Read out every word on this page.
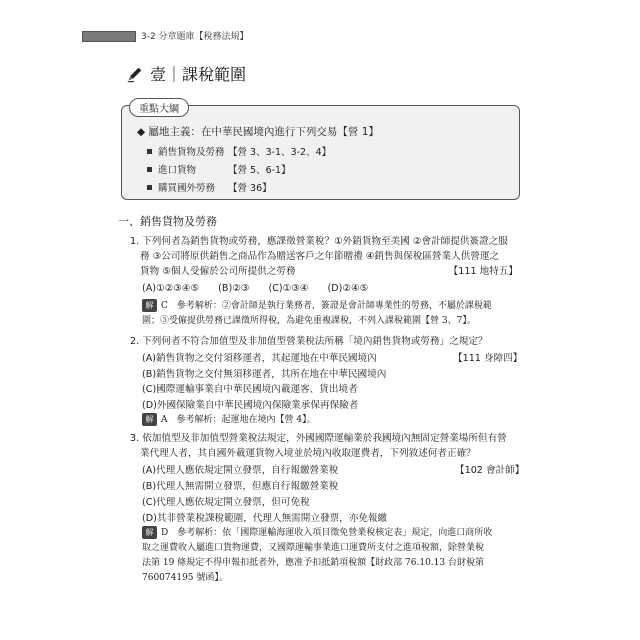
3-2 分章題庫【稅務法規】
壹｜課稅範圍
重點大綱
◆ 屬地主義：在中華民國境內進行下列交易【營 1】
銷售貨物及勞務 【營 3、3-1、3-2、4】
進口貨物	【營 5、6-1】
購買國外勞務 【營 36】
一、銷售貨物及勞務
1. 下列何者為銷售貨物或勞務，應課徵營業稅？①外銷貨物至美國 ②會計師提供簽證之服
務 ③公司將原供銷售之商品作為贈送客戶之年節贈禮 ④銷售與保稅區營業人供營運之
貨物 ⑤個人受僱於公司所提供之勞務	【111 地特五】
(A)①②③④⑤ (B)②③ (C)①③④ (D)②④⑤
解 C　 參考解析：②會計師是執行業務者，簽證是會計師專業性的勞務，不屬於課稅範
圍；⑤受僱提供勞務已課徵所得稅，為避免重複課稅，不列入課稅範圍【營 3、7】。
2. 下列何者不符合加值型及非加值型營業稅法所稱「境內銷售貨物或勞務」之規定？
(A)銷售貨物之交付須移運者，其起運地在中華民國境內	【111 身障四】
(B)銷售貨物之交付無須移運者，其所在地在中華民國境內
(C)國際運輸事業自中華民國境內載運客、貨出境者
(D)外國保險業自中華民國境內保險業承保再保險者
解 A　 參考解析：起運地在境內【營 4】。
3. 依加值型及非加值型營業稅法規定，外國國際運輸業於我國境內無固定營業場所但有營
業代理人者，其自國外載運貨物入境並於境內收取運費者，下列敘述何者正確？
(A)代理人應依規定開立發票，自行報繳營業稅	【102 會計師】
(B)代理人無需開立發票，但應自行報繳營業稅
(C)代理人應依規定開立發票，但可免稅
(D)其非營業稅課稅範圍，代理人無需開立發票，亦免報繳
解 D　 參考解析：依「國際運輸海運收入項目徵免營業稅核定表」規定，向進口商所收
取之運費收入屬進口貨物運費，又國際運輸事業進口運費所支付之進項稅額，除營業稅
法第 19 條規定不得申報扣抵者外，應准予扣抵銷項稅額【財政部 76.10.13 台財稅第
760074195 號函】。
